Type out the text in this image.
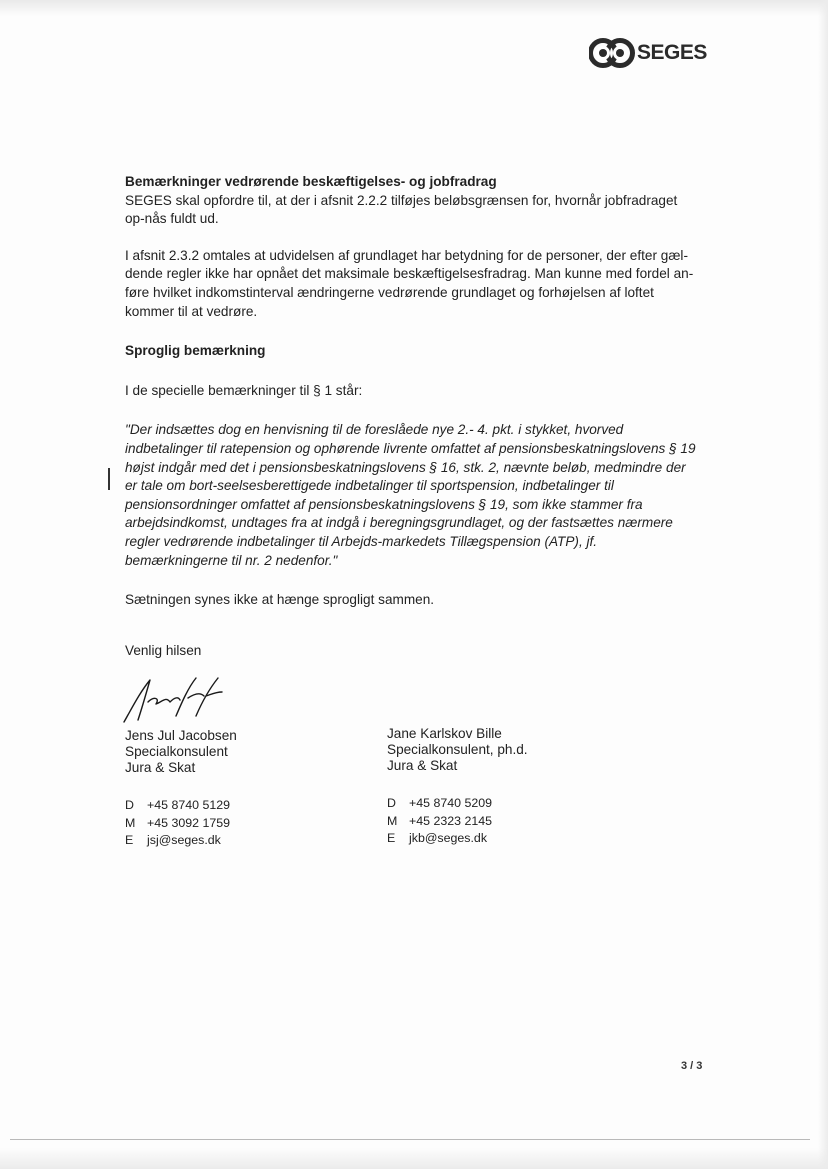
SEGES

Bemærkninger vedrørende beskæftigelses- og jobfradrag

SEGES skal opfordre til, at der i afsnit 2.2.2 tilføjes beløbsgrænsen for, hvornår jobfradraget op-nås fuldt ud.

I afsnit 2.3.2 omtales at udvidelsen af grundlaget har betydning for de personer, der efter gæl-dende regler ikke har opnået det maksimale beskæftigelsesfradrag. Man kunne med fordel an-føre hvilket indkomstinterval ændringerne vedrørende grundlaget og forhøjelsen af loftet kommer til at vedrøre.

Sproglig bemærkning

I de specielle bemærkninger til § 1 står:

"Der indsættes dog en henvisning til de foreslåede nye 2.- 4. pkt. i stykket, hvorved indbetalinger til ratepension og ophørende livrente omfattet af pensionsbeskatningslovens § 19 højst indgår med det i pensionsbeskatningslovens § 16, stk. 2, nævnte beløb, medmindre der er tale om bort-seelsesberettigede indbetalinger til sportspension, indbetalinger til pensionsordninger omfattet af pensionsbeskatningslovens § 19, som ikke stammer fra arbejdsindkomst, undtages fra at indgå i beregningsgrundlaget, og der fastsættes nærmere regler vedrørende indbetalinger til Arbejds-markedets Tillægspension (ATP), jf. bemærkningerne til nr. 2 nedenfor."

Sætningen synes ikke at hænge sprogligt sammen.

Venlig hilsen
Jens Jul Jacobsen
Specialkonsulent
Jura & Skat
D +45 8740 5129
M +45 3092 1759
E jsj@seges.dk
Jane Karlskov Bille
Specialkonsulent, ph.d.
Jura & Skat
D +45 8740 5209
M +45 2323 2145
E jkb@seges.dk
3 / 3
